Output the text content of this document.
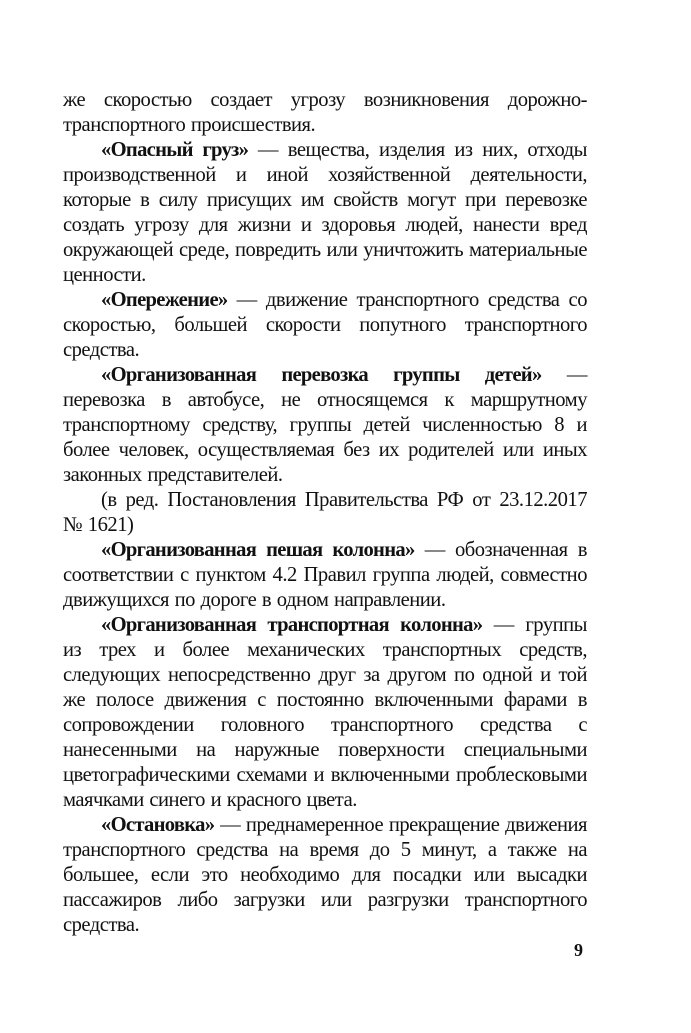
же скоростью создает угрозу возникновения дорожно-транспортного происшествия.

«Опасный груз» — вещества, изделия из них, отходы производственной и иной хозяйственной деятельности, которые в силу присущих им свойств могут при перевозке создать угрозу для жизни и здоровья людей, нанести вред окружающей среде, повредить или уничтожить материальные ценности.

«Опережение» — движение транспортного средства со скоростью, большей скорости попутного транспортного средства.

«Организованная перевозка группы детей» — перевозка в автобусе, не относящемся к маршрутному транспортному средству, группы детей численностью 8 и более человек, осуществляемая без их родителей или иных законных представителей.

(в ред. Постановления Правительства РФ от 23.12.2017 № 1621)

«Организованная пешая колонна» — обозначенная в соответствии с пунктом 4.2 Правил группа людей, совместно движущихся по дороге в одном направлении.

«Организованная транспортная колонна» — группы из трех и более механических транспортных средств, следующих непосредственно друг за другом по одной и той же полосе движения с постоянно включенными фарами в сопровождении головного транспортного средства с нанесенными на наружные поверхности специальными цветографическими схемами и включенными проблесковыми маячками синего и красного цвета.

«Остановка» — преднамеренное прекращение движения транспортного средства на время до 5 минут, а также на большее, если это необходимо для посадки или высадки пассажиров либо загрузки или разгрузки транспортного средства.

9
